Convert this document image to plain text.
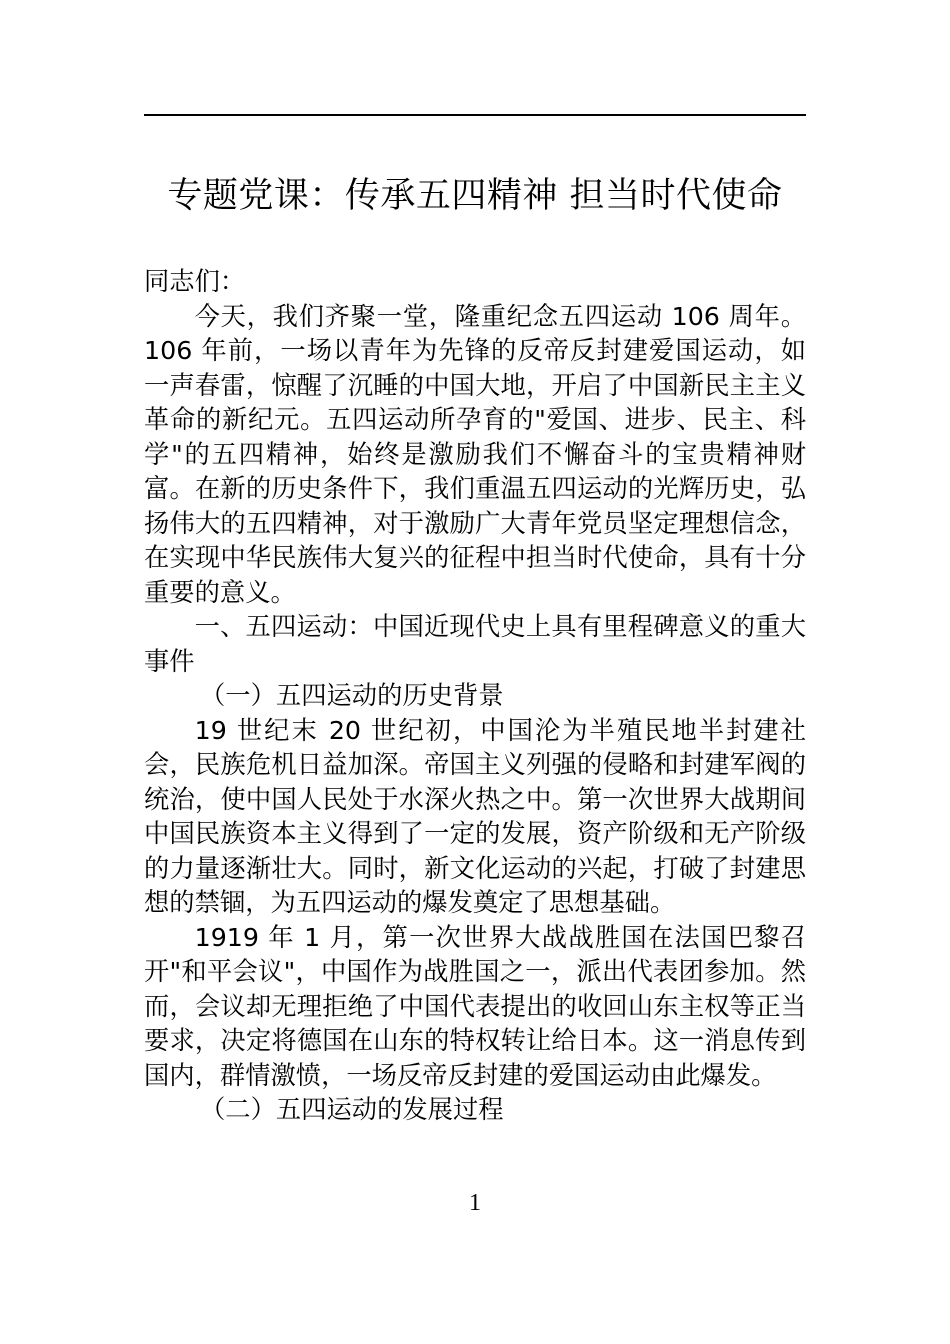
专题党课：传承五四精神 担当时代使命

同志们：

今天，我们齐聚一堂，隆重纪念五四运动 106 周年。106 年前，一场以青年为先锋的反帝反封建爱国运动，如一声春雷，惊醒了沉睡的中国大地，开启了中国新民主主义革命的新纪元。五四运动所孕育的"爱国、进步、民主、科学"的五四精神，始终是激励我们不懈奋斗的宝贵精神财富。在新的历史条件下，我们重温五四运动的光辉历史，弘扬伟大的五四精神，对于激励广大青年党员坚定理想信念，在实现中华民族伟大复兴的征程中担当时代使命，具有十分重要的意义。

一、五四运动：中国近现代史上具有里程碑意义的重大事件

（一）五四运动的历史背景

19 世纪末 20 世纪初，中国沦为半殖民地半封建社会，民族危机日益加深。帝国主义列强的侵略和封建军阀的统治，使中国人民处于水深火热之中。第一次世界大战期间中国民族资本主义得到了一定的发展，资产阶级和无产阶级的力量逐渐壮大。同时，新文化运动的兴起，打破了封建思想的禁锢，为五四运动的爆发奠定了思想基础。

1919 年 1 月，第一次世界大战战胜国在法国巴黎召开"和平会议"，中国作为战胜国之一，派出代表团参加。然而，会议却无理拒绝了中国代表提出的收回山东主权等正当要求，决定将德国在山东的特权转让给日本。这一消息传到国内，群情激愤，一场反帝反封建的爱国运动由此爆发。

（二）五四运动的发展过程

1
